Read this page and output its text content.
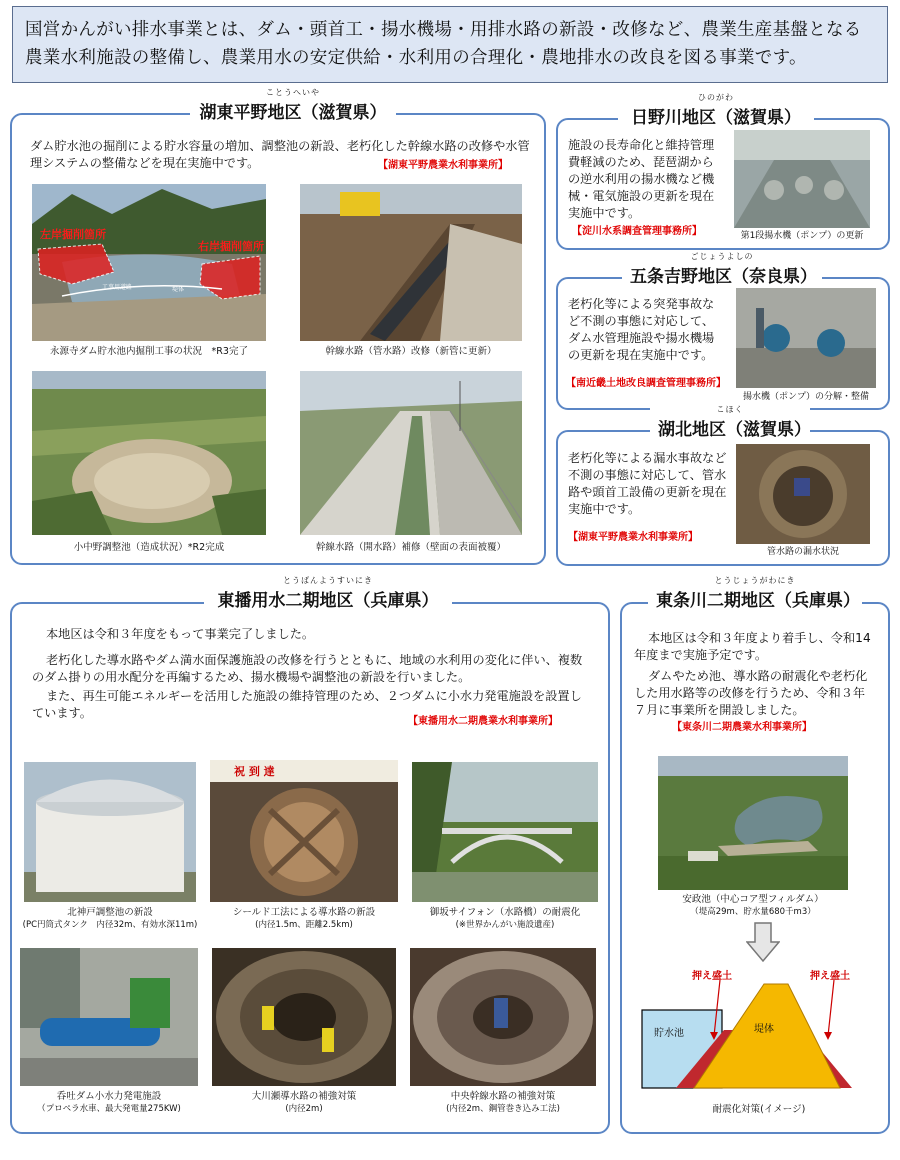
国営かんがい排水事業とは、ダム・頭首工・揚水機場・用排水路の新設・改修など、農業生産基盤となる農業水利施設の整備し、農業用水の安定供給・水利用の合理化・農地排水の改良を図る事業です。
ことうへいや
湖東平野地区（滋賀県）
ダム貯水池の掘削による貯水容量の増加、調整池の新設、老朽化した幹線水路の改修や水管理システムの整備などを現在実施中です。	【湖東平野農業水利事業所】
左岸掘削箇所
右岸掘削箇所
工事用道路	堤体
永源寺ダム貯水池内掘削工事の状況　*R3完了	幹線水路（管水路）改修（新管に更新）
小中野調整池（造成状況）*R2完成	幹線水路（開水路）補修（壁面の表面被覆）
ひのがわ
日野川地区（滋賀県）
施設の長寿命化と維持管理費軽減のため、琵琶湖からの逆水利用の揚水機など機械・電気施設の更新を現在実施中です。
【淀川水系調査管理事務所】	第1段揚水機（ポンプ）の更新
ごじょうよしの
五条吉野地区（奈良県）
老朽化等による突発事故など不測の事態に対応して、ダム水管理施設や揚水機場の更新を現在実施中です。
【南近畿土地改良調査管理事務所】
揚水機（ポンプ）の分解・整備
こほく
湖北地区（滋賀県）
老朽化等による漏水事故など不測の事態に対応して、管水路や頭首工設備の更新を現在実施中です。
【湖東平野農業水利事業所】
管水路の漏水状況
とうばんようすいにき
東播用水二期地区（兵庫県）
本地区は令和３年度をもって事業完了しました。
老朽化した導水路やダム満水面保護施設の改修を行うとともに、地域の水利用の変化に伴い、複数のダム掛りの用水配分を再編するため、揚水機場や調整池の新設を行いました。
また、再生可能エネルギーを活用した施設の維持管理のため、２つダムに小水力発電施設を設置しています。
【東播用水二期農業水利事業所】
北神戸調整池の新設
(PC円筒式タンク　内径32m、有効水深11m)
祝 到 達
シールド工法による導水路の新設
(内径1.5m、距離2.5km)
御坂サイフォン（水路橋）の耐震化
(※世界かんがい施設遺産)
呑吐ダム小水力発電施設
（プロペラ水車、最大発電量275KW)
大川瀬導水路の補強対策
(内径2m)
中央幹線水路の補強対策
(内径2m、鋼管巻き込み工法)
とうじょうがわにき
東条川二期地区（兵庫県）
本地区は令和３年度より着手し、令和14年度まで実施予定です。
ダムやため池、導水路の耐震化や老朽化した用水路等の改修を行うため、令和３年７月に事業所を開設しました。
【東条川二期農業水利事業所】
安政池（中心コア型フィルダム）
（堤高29m、貯水量680千m3）
押え盛土	押え盛土
貯水池	堤体
耐震化対策(イメージ)
